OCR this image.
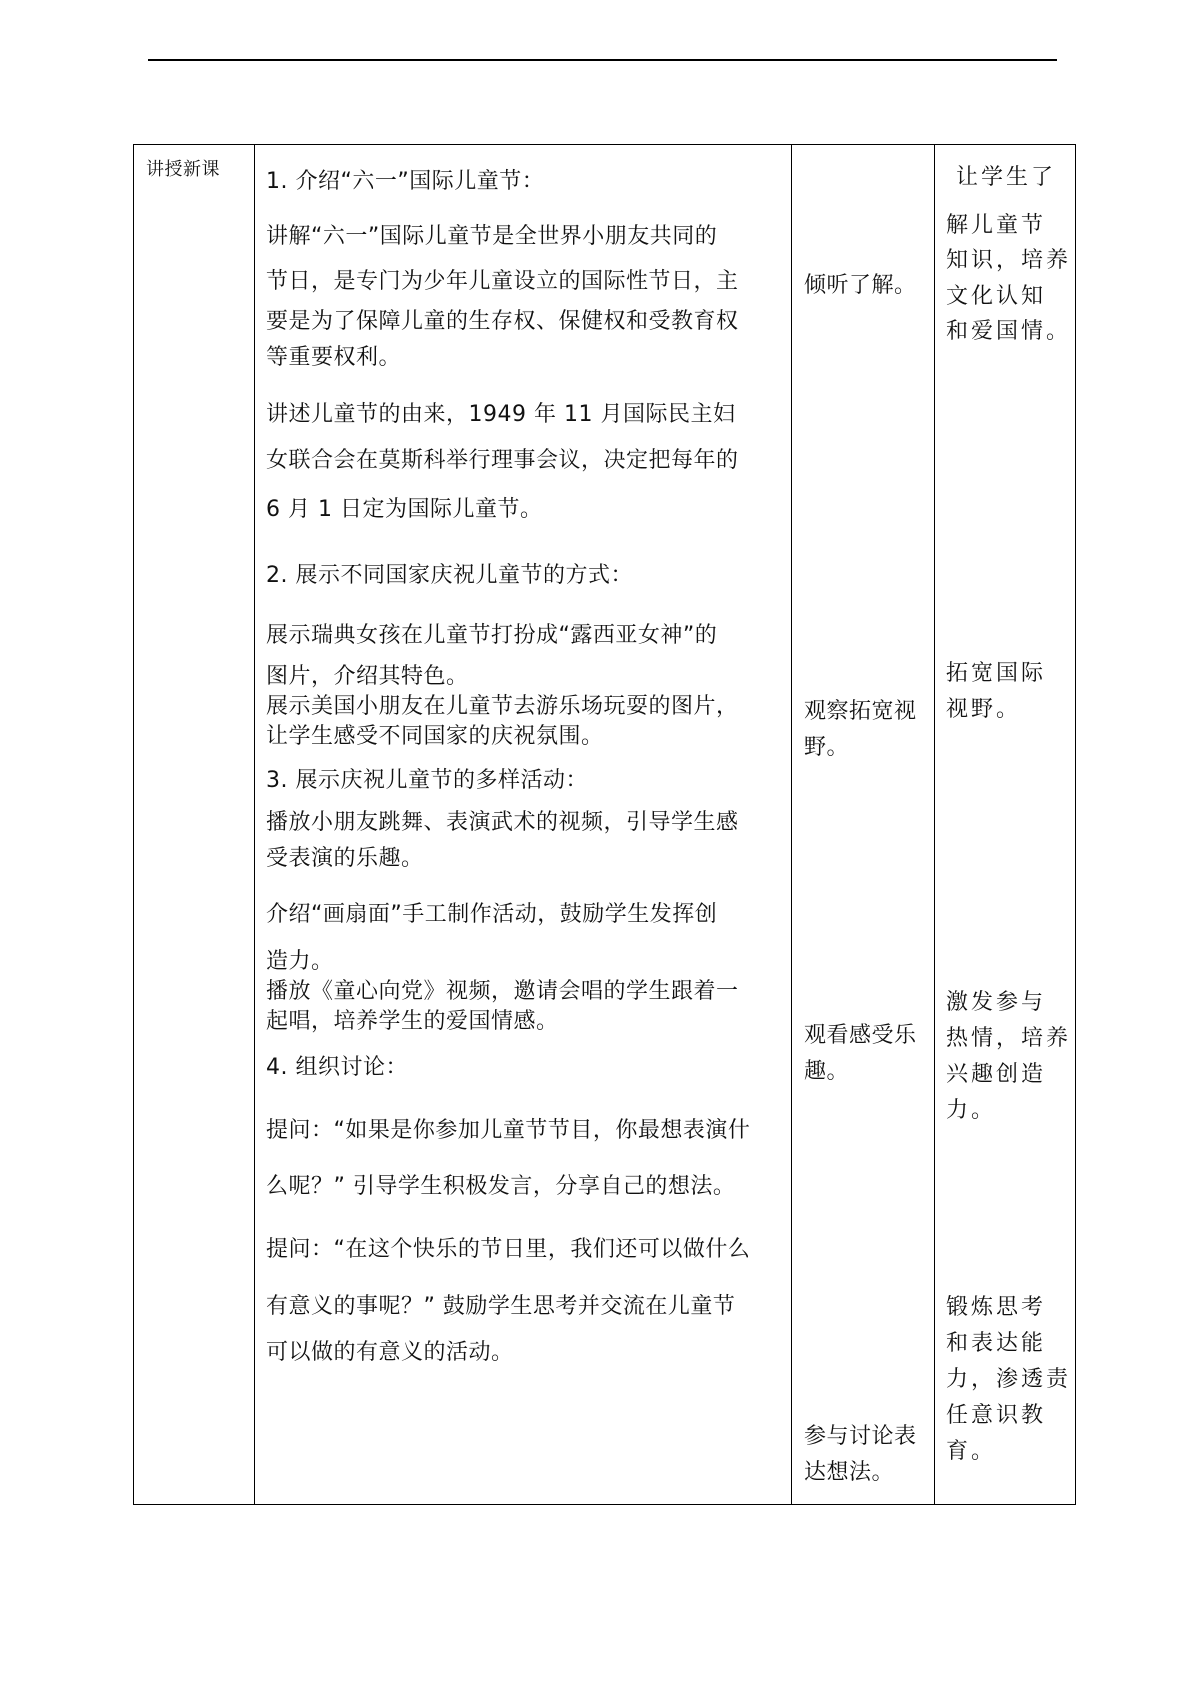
讲授新课 1. 介绍“六一”国际儿童节：
讲解“六一”国际儿童节是全世界小朋友共同的
节日，是专门为少年儿童设立的国际性节日，主
要是为了保障儿童的生存权、保健权和受教育权
等重要权利。
讲述儿童节的由来，1949 年 11 月国际民主妇
女联合会在莫斯科举行理事会议，决定把每年的
6 月 1 日定为国际儿童节。
2. 展示不同国家庆祝儿童节的方式：
展示瑞典女孩在儿童节打扮成“露西亚女神”的
图片，介绍其特色。
展示美国小朋友在儿童节去游乐场玩耍的图片，
让学生感受不同国家的庆祝氛围。
3. 展示庆祝儿童节的多样活动：
播放小朋友跳舞、表演武术的视频，引导学生感
受表演的乐趣。
介绍“画扇面”手工制作活动，鼓励学生发挥创
造力。
播放《童心向党》视频，邀请会唱的学生跟着一
起唱，培养学生的爱国情感。
4. 组织讨论：
提问：“如果是你参加儿童节节目，你最想表演什
么呢？” 引导学生积极发言，分享自己的想法。
提问：“在这个快乐的节日里，我们还可以做什么
有意义的事呢？” 鼓励学生思考并交流在儿童节
可以做的有意义的活动。
倾听了解。
观察拓宽视
野。
观看感受乐
趣。
参与讨论表
达想法。
让学生了
解儿童节
知识，培养
文化认知
和爱国情。
拓宽国际
视野。
激发参与
热情，培养
兴趣创造
力。
锻炼思考
和表达能
力，渗透责
任意识教
育。
